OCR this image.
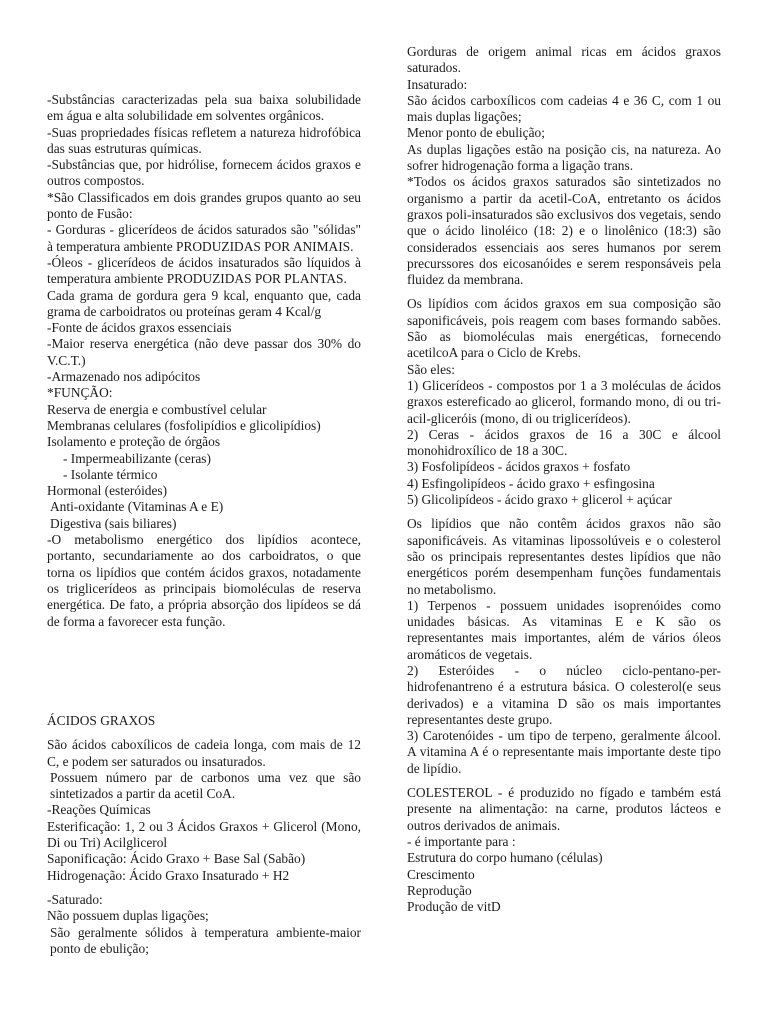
-Substâncias caracterizadas pela sua baixa solubilidade em água e alta solubilidade em solventes orgânicos.

-Suas propriedades físicas refletem a natureza hidrofóbica das suas estruturas químicas.

-Substâncias que, por hidrólise, fornecem ácidos graxos e outros compostos.

*São Classificados em dois grandes grupos quanto ao seu ponto de Fusão:

- Gorduras - glicerídeos de ácidos saturados são "sólidas" à temperatura ambiente PRODUZIDAS POR ANIMAIS.

-Óleos - glicerídeos de ácidos insaturados são líquidos à temperatura ambiente PRODUZIDAS POR PLANTAS.

Cada grama de gordura gera 9 kcal, enquanto que, cada grama de carboidratos ou proteínas geram 4 Kcal/g

-Fonte de ácidos graxos essenciais

-Maior reserva energética (não deve passar dos 30% do V.C.T.)

-Armazenado nos adipócitos

*FUNÇÃO:

Reserva de energia e combustível celular

Membranas celulares (fosfolipídios e glicolipídios)

Isolamento e proteção de órgãos

- Impermeabilizante (ceras)

- Isolante térmico

Hormonal (esteróides)

Anti-oxidante (Vitaminas A e E)

Digestiva (sais biliares)

-O metabolismo energético dos lipídios acontece, portanto, secundariamente ao dos carboidratos, o que torna os lipídios que contém ácidos graxos, notadamente os triglicerídeos as principais biomoléculas de reserva energética. De fato, a própria absorção dos lipídeos se dá de forma a favorecer esta função.

ÁCIDOS GRAXOS

São ácidos caboxílicos de cadeia longa, com mais de 12 C, e podem ser saturados ou insaturados.

Possuem número par de carbonos uma vez que são sintetizados a partir da acetil CoA.

-Reações Químicas

Esterificação: 1, 2 ou 3 Ácidos Graxos + Glicerol (Mono, Di ou Tri) Acilglicerol

Saponificação: Ácido Graxo + Base Sal (Sabão)

Hidrogenação: Ácido Graxo Insaturado + H2

-Saturado:

Não possuem duplas ligações;

São geralmente sólidos à temperatura ambiente-maior ponto de ebulição;

Gorduras de origem animal ricas em ácidos graxos saturados.

Insaturado:

São ácidos carboxílicos com cadeias 4 e 36 C, com 1 ou mais duplas ligações;

Menor ponto de ebulição;

As duplas ligações estão na posição cis, na natureza. Ao sofrer hidrogenação forma a ligação trans.

*Todos os ácidos graxos saturados são sintetizados no organismo a partir da acetil-CoA, entretanto os ácidos graxos poli-insaturados são exclusivos dos vegetais, sendo que o ácido linoléico (18: 2) e o linolênico (18:3) são considerados essenciais aos seres humanos por serem precurssores dos eicosanóides e serem responsáveis pela fluidez da membrana.

Os lipídios com ácidos graxos em sua composição são saponificáveis, pois reagem com bases formando sabões. São as biomoléculas mais energéticas, fornecendo acetilcoA para o Ciclo de Krebs.

São eles:

1) Glicerídeos - compostos por 1 a 3 moléculas de ácidos graxos estereficado ao glicerol, formando mono, di ou tri-acil-gliceróis (mono, di ou triglicerídeos).

2) Ceras - ácidos graxos de 16 a 30C e álcool monohidroxílico de 18 a 30C.

3) Fosfolipídeos - ácidos graxos + fosfato

4) Esfingolipídeos - ácido graxo + esfingosina

5) Glicolipídeos - ácido graxo + glicerol + açúcar

Os lipídios que não contêm ácidos graxos não são saponificáveis. As vitaminas lipossolúveis e o colesterol são os principais representantes destes lipídios que não energéticos porém desempenham funções fundamentais no metabolismo.

1) Terpenos - possuem unidades isoprenóides como unidades básicas. As vitaminas E e K são os representantes mais importantes, além de vários óleos aromáticos de vegetais.

2) Esteróides - o núcleo ciclo-pentano-per-hidrofenantreno é a estrutura básica. O colesterol(e seus derivados) e a vitamina D são os mais importantes representantes deste grupo.

3) Carotenóides - um tipo de terpeno, geralmente álcool. A vitamina A é o representante mais importante deste tipo de lipídio.

COLESTEROL - é produzido no fígado e também está presente na alimentação: na carne, produtos lácteos e outros derivados de animais.

- é importante para :

Estrutura do corpo humano (células)

Crescimento

Reprodução

Produção de vitD
